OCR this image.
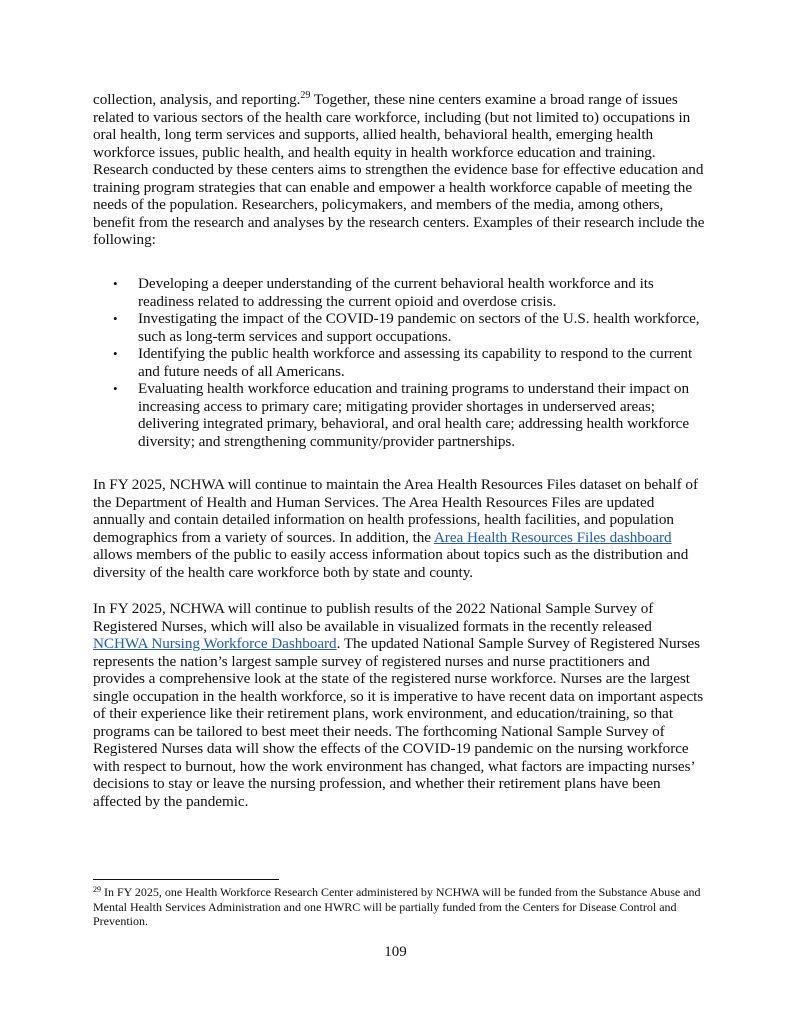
collection, analysis, and reporting.$^{29}$ Together, these nine centers examine a broad range of issues related to various sectors of the health care workforce, including (but not limited to) occupations in oral health, long term services and supports, allied health, behavioral health, emerging health workforce issues, public health, and health equity in health workforce education and training. Research conducted by these centers aims to strengthen the evidence base for effective education and training program strategies that can enable and empower a health workforce capable of meeting the needs of the population. Researchers, policymakers, and members of the media, among others, benefit from the research and analyses by the research centers. Examples of their research include the following:

• Developing a deeper understanding of the current behavioral health workforce and its readiness related to addressing the current opioid and overdose crisis.
• Investigating the impact of the COVID-19 pandemic on sectors of the U.S. health workforce, such as long-term services and support occupations.
• Identifying the public health workforce and assessing its capability to respond to the current and future needs of all Americans.
• Evaluating health workforce education and training programs to understand their impact on increasing access to primary care; mitigating provider shortages in underserved areas; delivering integrated primary, behavioral, and oral health care; addressing health workforce diversity; and strengthening community/provider partnerships.

In FY 2025, NCHWA will continue to maintain the Area Health Resources Files dataset on behalf of the Department of Health and Human Services. The Area Health Resources Files are updated annually and contain detailed information on health professions, health facilities, and population demographics from a variety of sources. In addition, the Area Health Resources Files dashboard allows members of the public to easily access information about topics such as the distribution and diversity of the health care workforce both by state and county.

In FY 2025, NCHWA will continue to publish results of the 2022 National Sample Survey of Registered Nurses, which will also be available in visualized formats in the recently released NCHWA Nursing Workforce Dashboard. The updated National Sample Survey of Registered Nurses represents the nation’s largest sample survey of registered nurses and nurse practitioners and provides a comprehensive look at the state of the registered nurse workforce. Nurses are the largest single occupation in the health workforce, so it is imperative to have recent data on important aspects of their experience like their retirement plans, work environment, and education/training, so that programs can be tailored to best meet their needs. The forthcoming National Sample Survey of Registered Nurses data will show the effects of the COVID-19 pandemic on the nursing workforce with respect to burnout, how the work environment has changed, what factors are impacting nurses’ decisions to stay or leave the nursing profession, and whether their retirement plans have been affected by the pandemic.

$^{29}$ In FY 2025, one Health Workforce Research Center administered by NCHWA will be funded from the Substance Abuse and Mental Health Services Administration and one HWRC will be partially funded from the Centers for Disease Control and Prevention.

109
